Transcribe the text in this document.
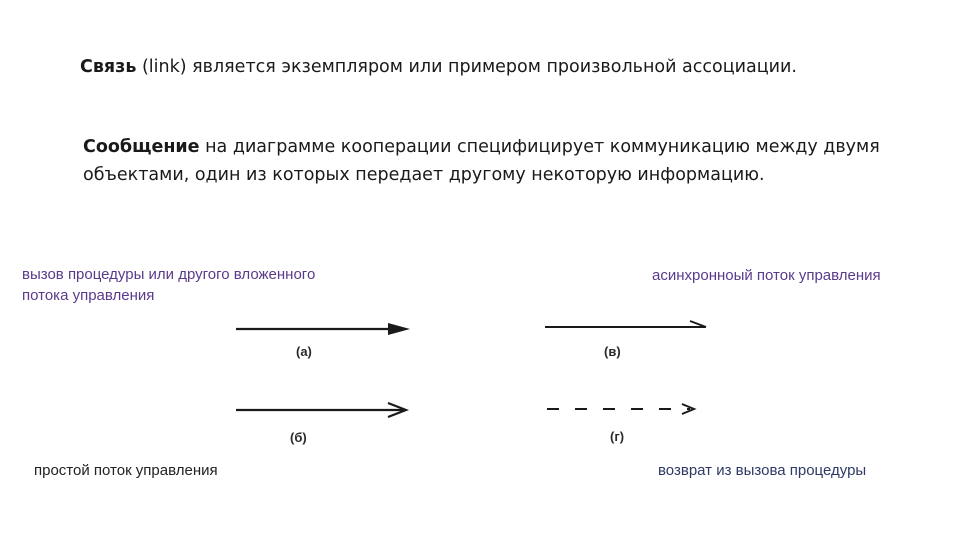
Связь (link) является экземпляром или примером произвольной ассоциации.
Сообщение на диаграмме кооперации специфицирует коммуникацию между двумя объектами, один из которых передает другому некоторую информацию.
вызов процедуры или другого вложенного потока управления
асинхронноый поток управления
простой поток управления	возврат из вызова процедуры
(а)
(б)
(в)
(г)
